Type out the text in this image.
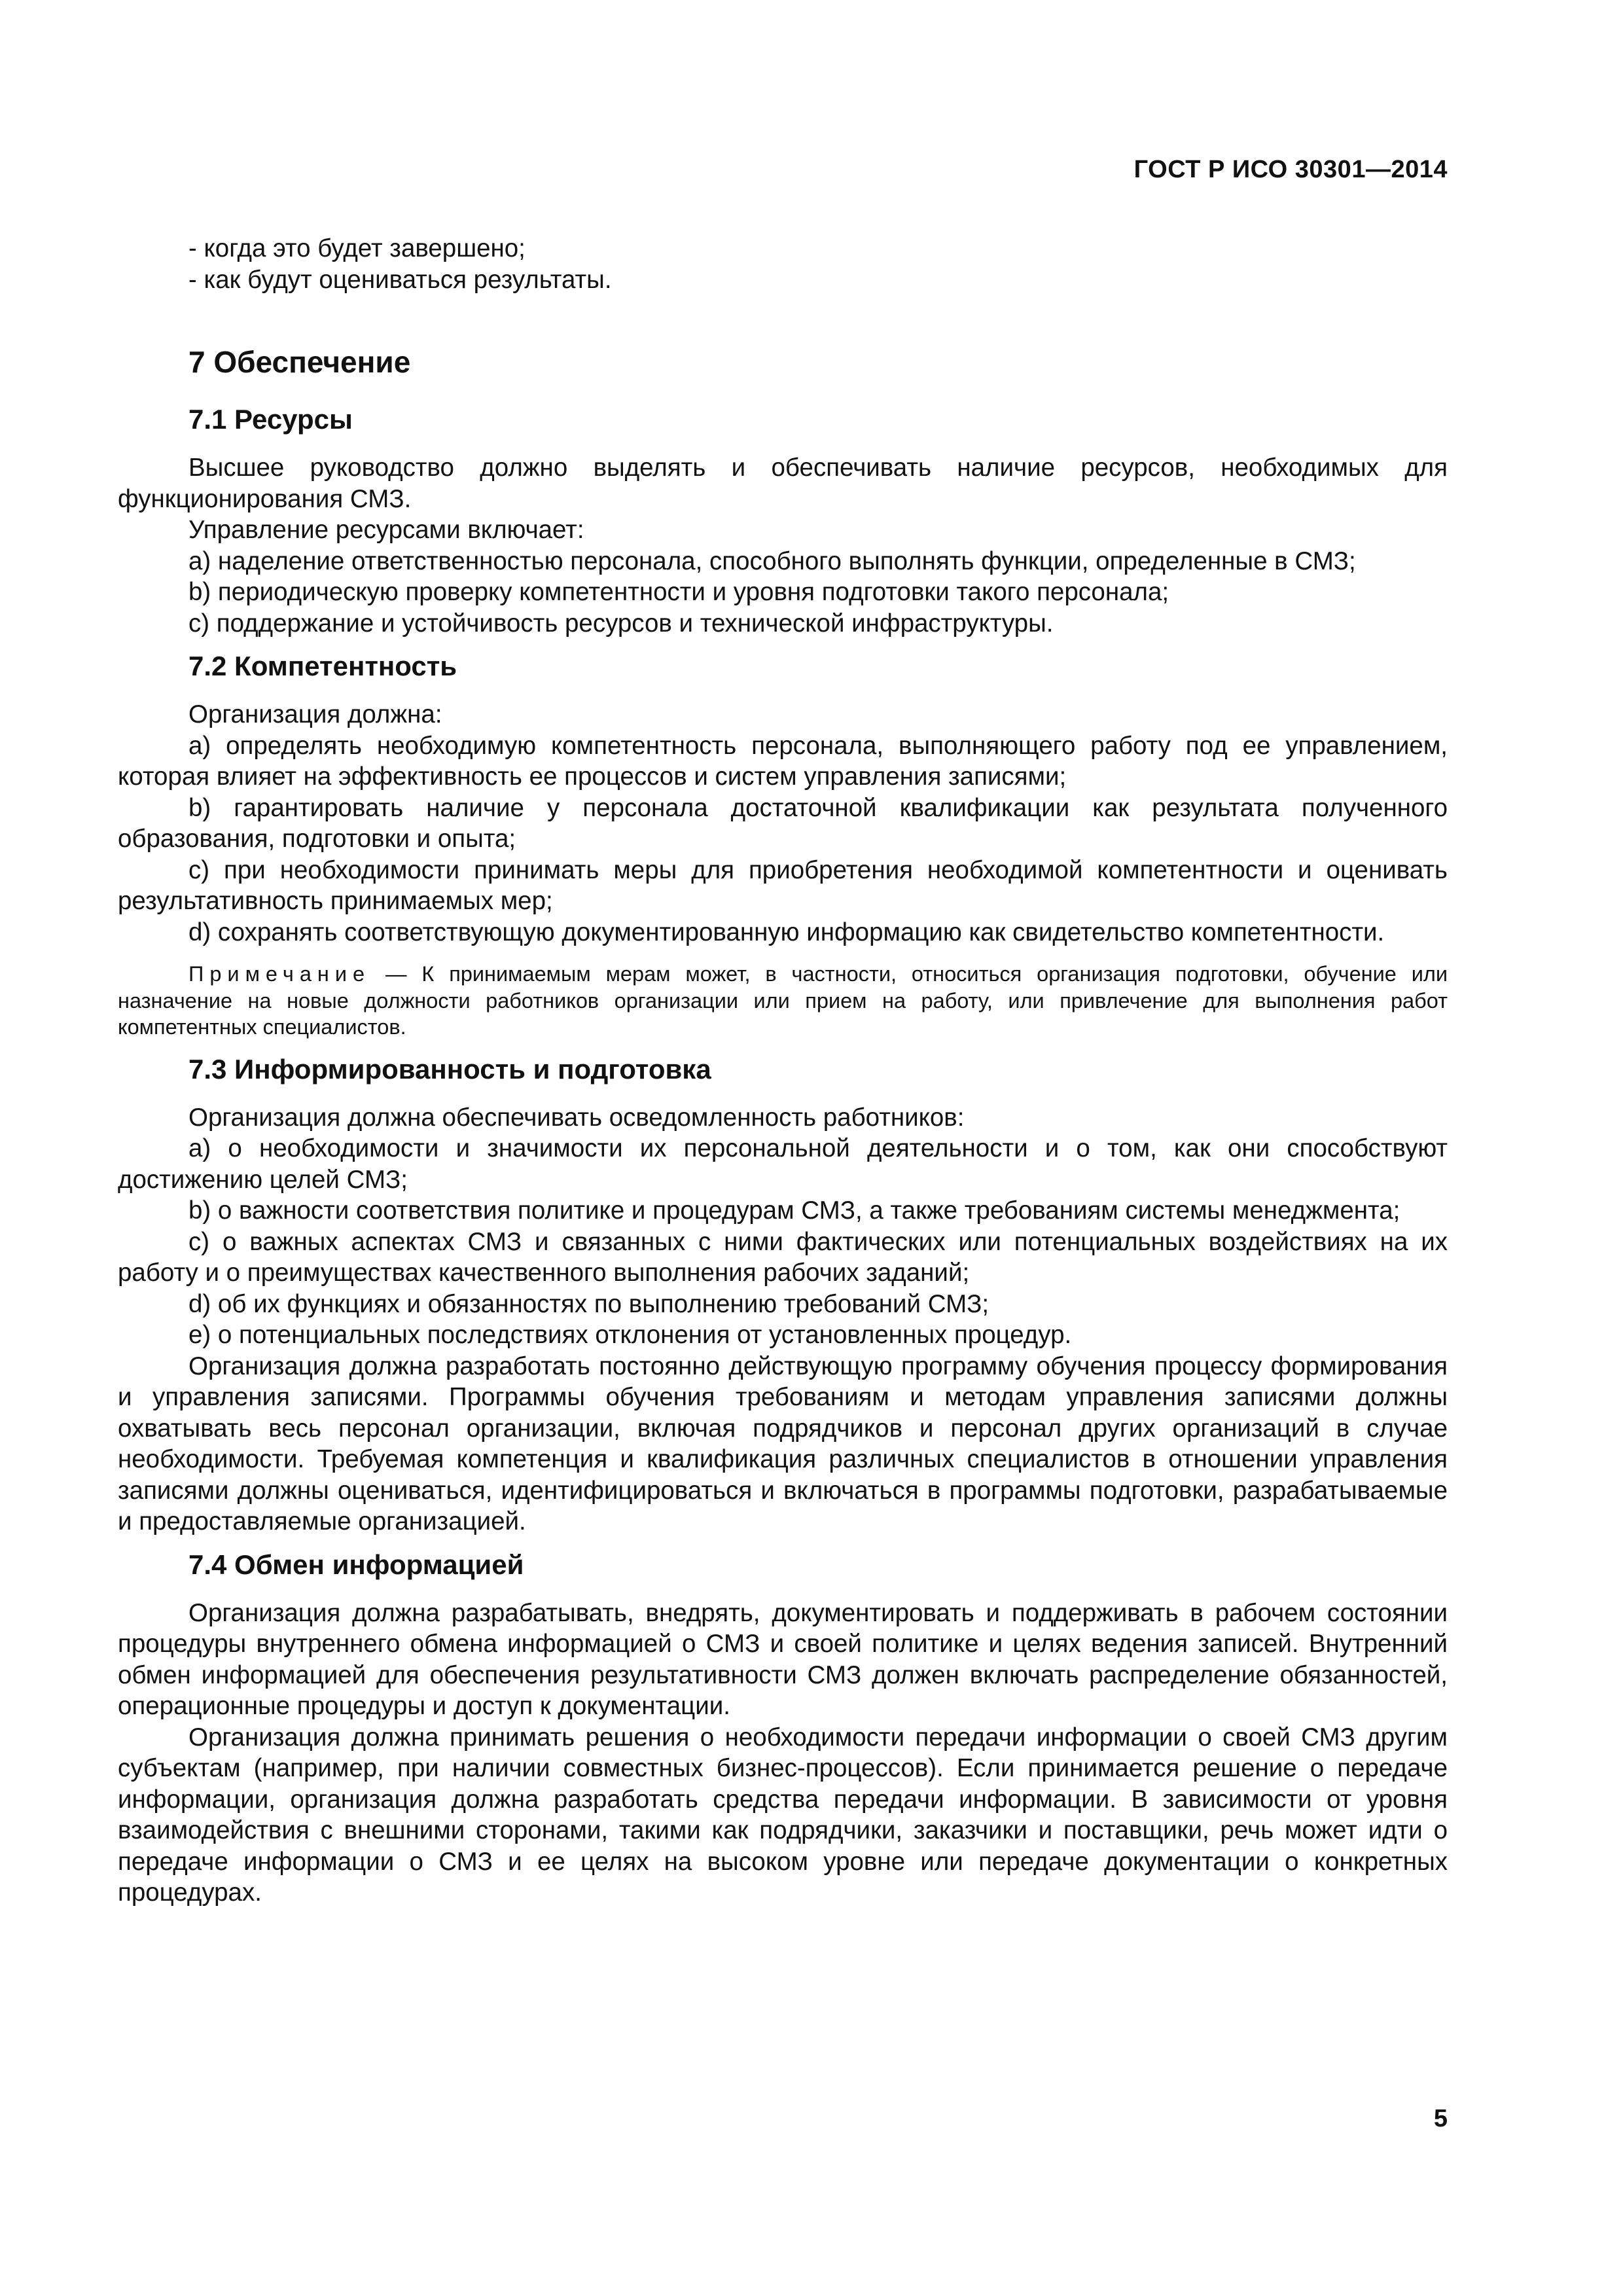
ГОСТ Р ИСО 30301—2014

- когда это будет завершено;

- как будут оцениваться результаты.

7 Обеспечение
7.1 Ресурсы

Высшее руководство должно выделять и обеспечивать наличие ресурсов, необходимых для функционирования СМЗ.

Управление ресурсами включает:

a) наделение ответственностью персонала, способного выполнять функции, определенные в СМЗ;

b) периодическую проверку компетентности и уровня подготовки такого персонала;

c) поддержание и устойчивость ресурсов и технической инфраструктуры.

7.2 Компетентность

Организация должна:

a) определять необходимую компетентность персонала, выполняющего работу под ее управлением, которая влияет на эффективность ее процессов и систем управления записями;

b) гарантировать наличие у персонала достаточной квалификации как результата полученного образования, подготовки и опыта;

c) при необходимости принимать меры для приобретения необходимой компетентности и оценивать результативность принимаемых мер;

d) сохранять соответствующую документированную информацию как свидетельство компетентности.

Примечание — К принимаемым мерам может, в частности, относиться организация подготовки, обучение или назначение на новые должности работников организации или прием на работу, или привлечение для выполнения работ компетентных специалистов.

7.3 Информированность и подготовка

Организация должна обеспечивать осведомленность работников:

a) о необходимости и значимости их персональной деятельности и о том, как они способствуют достижению целей СМЗ;

b) о важности соответствия политике и процедурам СМЗ, а также требованиям системы менеджмента;

c) о важных аспектах СМЗ и связанных с ними фактических или потенциальных воздействиях на их работу и о преимуществах качественного выполнения рабочих заданий;

d) об их функциях и обязанностях по выполнению требований СМЗ;

e) о потенциальных последствиях отклонения от установленных процедур.

Организация должна разработать постоянно действующую программу обучения процессу формирования и управления записями. Программы обучения требованиям и методам управления записями должны охватывать весь персонал организации, включая подрядчиков и персонал других организаций в случае необходимости. Требуемая компетенция и квалификация различных специалистов в отношении управления записями должны оцениваться, идентифицироваться и включаться в программы подготовки, разрабатываемые и предоставляемые организацией.

7.4 Обмен информацией

Организация должна разрабатывать, внедрять, документировать и поддерживать в рабочем состоянии процедуры внутреннего обмена информацией о СМЗ и своей политике и целях ведения записей. Внутренний обмен информацией для обеспечения результативности СМЗ должен включать распределение обязанностей, операционные процедуры и доступ к документации.

Организация должна принимать решения о необходимости передачи информации о своей СМЗ другим субъектам (например, при наличии совместных бизнес-процессов). Если принимается решение о передаче информации, организация должна разработать средства передачи информации. В зависимости от уровня взаимодействия с внешними сторонами, такими как подрядчики, заказчики и поставщики, речь может идти о передаче информации о СМЗ и ее целях на высоком уровне или передаче документации о конкретных процедурах.

5
